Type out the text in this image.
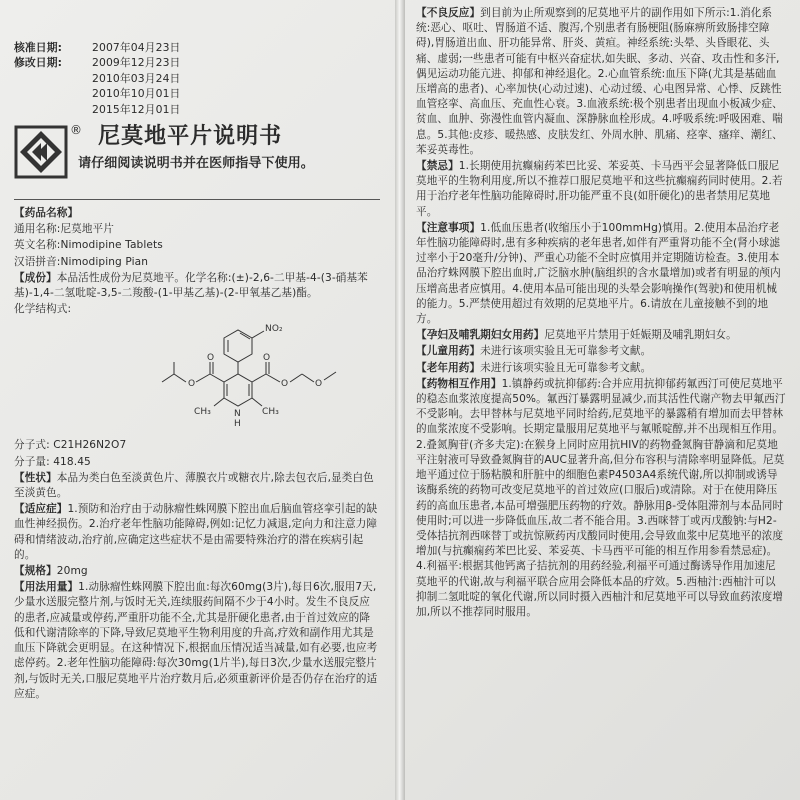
核准日期:	2007年04月23日
修改日期:	2009年12月23日
2010年03月24日
2010年10月01日
2015年12月01日
® 尼莫地平片说明书
请仔细阅读说明书并在医师指导下使用。

【药品名称】

通用名称:尼莫地平片

英文名称:Nimodipine Tablets

汉语拼音:Nimodiping Pian

【成份】本品活性成份为尼莫地平。化学名称:(±)-2,6-二甲基-4-(3-硝基苯基)-1,4-二氢吡啶-3,5-二羧酸-(1-甲基乙基)-(2-甲氧基乙基)酯。

化学结构式:

NO₂
N
H
CH₃	CH₃
O
O
O
O	O

分子式: C21H26N2O7

分子量: 418.45

【性状】本品为类白色至淡黄色片、薄膜衣片或糖衣片,除去包衣后,显类白色至淡黄色。

【适应症】1.预防和治疗由于动脉瘤性蛛网膜下腔出血后脑血管痉挛引起的缺血性神经损伤。2.治疗老年性脑功能障碍,例如:记忆力减退,定向力和注意力障碍和情绪波动,治疗前,应确定这些症状不是由需要特殊治疗的潜在疾病引起的。

【规格】20mg

【用法用量】1.动脉瘤性蛛网膜下腔出血:每次60mg(3片),每日6次,服用7天,少量水送服完整片剂,与饭时无关,连续服药间隔不少于4小时。发生不良反应的患者,应减量或停药,严重肝功能不全,尤其是肝硬化患者,由于首过效应的降低和代谢清除率的下降,导致尼莫地平生物利用度的升高,疗效和副作用尤其是血压下降就会更明显。在这种情况下,根据血压情况适当减量,如有必要,也应考虑停药。2.老年性脑功能障碍:每次30mg(1片半),每日3次,少量水送服完整片剂,与饭时无关,口服尼莫地平片治疗数月后,必须重新评价是否仍存在治疗的适应症。

【不良反应】到目前为止所观察到的尼莫地平片的副作用如下所示:1.消化系统:恶心、呕吐、胃肠道不适、腹泻,个别患者有肠梗阻(肠麻痹所致肠排空障碍),胃肠道出血、肝功能异常、肝炎、黄疸。神经系统:头晕、头昏眼花、头痛、虚弱;一些患者可能有中枢兴奋症状,如失眠、多动、兴奋、攻击性和多汗,偶见运动功能亢进、抑郁和神经退化。2.心血管系统:血压下降(尤其是基础血压增高的患者)、心率加快(心动过速)、心动过缓、心电图异常、心悸、反跳性血管痉挛、高血压、充血性心衰。3.血液系统:极个别患者出现血小板减少症、贫血、血肿、弥漫性血管内凝血、深静脉血栓形成。4.呼吸系统:呼吸困难、喘息。5.其他:皮疹、暖热感、皮肤发红、外周水肿、肌痛、痉挛、瘙痒、潮红、苯妥英毒性。

【禁忌】1.长期使用抗癫痫药苯巴比妥、苯妥英、卡马西平会显著降低口服尼莫地平的生物利用度,所以不推荐口服尼莫地平和这些抗癫痫药同时使用。2.若用于治疗老年性脑功能障碍时,肝功能严重不良(如肝硬化)的患者禁用尼莫地平。

【注意事项】1.低血压患者(收缩压小于100mmHg)慎用。2.使用本品治疗老年性脑功能障碍时,患有多种疾病的老年患者,如伴有严重肾功能不全(肾小球滤过率小于20毫升/分钟)、严重心功能不全时应慎用并定期随访检查。3.使用本品治疗蛛网膜下腔出血时,广泛脑水肿(脑组织的含水量增加)或者有明显的颅内压增高患者应慎用。4.使用本品可能出现的头晕会影响操作(驾驶)和使用机械的能力。5.严禁使用超过有效期的尼莫地平片。6.请放在儿童接触不到的地方。

【孕妇及哺乳期妇女用药】尼莫地平片禁用于妊娠期及哺乳期妇女。

【儿童用药】未进行该项实验且无可靠参考文献。

【老年用药】未进行该项实验且无可靠参考文献。

【药物相互作用】1.镇静药或抗抑郁药:合并应用抗抑郁药氟西汀可使尼莫地平的稳态血浆浓度提高50%。氟西汀暴露明显减少,而其活性代谢产物去甲氟西汀不受影响。去甲替林与尼莫地平同时给药,尼莫地平的暴露稍有增加而去甲替林的血浆浓度不受影响。长期定量服用尼莫地平与氟哌啶醇,并不出现相互作用。2.叠氮胸苷(齐多夫定):在猴身上同时应用抗HIV的药物叠氮胸苷静滴和尼莫地平注射液可导致叠氮胸苷的AUC显著升高,但分布容积与清除率明显降低。尼莫地平通过位于肠粘膜和肝脏中的细胞色素P4503A4系统代谢,所以抑制或诱导该酶系统的药物可改变尼莫地平的首过效应(口服后)或清除。对于在使用降压药的高血压患者,本品可增强肥压药物的疗效。静脉用β-受体阻滞剂与本品同时使用时;可以进一步降低血压,故二者不能合用。3.西咪替丁或丙戊酸钠:与H2-受体拮抗剂西咪替丁或抗惊厥药丙戊酸同时使用,会导致血浆中尼莫地平的浓度增加(与抗癫痫药苯巴比妥、苯妥英、卡马西平可能的相互作用参看禁忌症)。4.利福平:根据其他钙离子拮抗剂的用药经验,利福平可通过酶诱导作用加速尼莫地平的代谢,故与利福平联合应用会降低本品的疗效。5.西柚汁:西柚汁可以抑制二氢吡啶的氧化代谢,所以同时摄入西柚汁和尼莫地平可以导致血药浓度增加,所以不推荐同时服用。
